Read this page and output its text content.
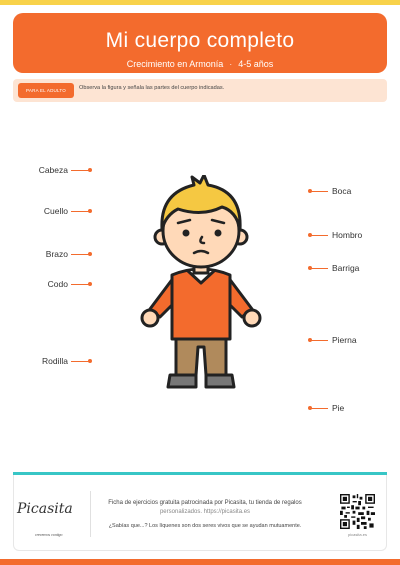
Mi cuerpo completo
Crecimiento en Armonía · 4-5 años
PARA EL ADULTO	Observa la figura y señala las partes del cuerpo indicadas.
Cabeza
Cuello
Brazo
Codo
Rodilla
Boca
Hombro
Barriga
Pierna
Pie
Picasita
crecemos contigo
Ficha de ejercicios gratuita patrocinada por Picasita, tu tienda de regalos
personalizados. https://picasita.es
¿Sabías que...? Los líquenes son dos seres vivos que se ayudan mutuamente.
picasita.es
